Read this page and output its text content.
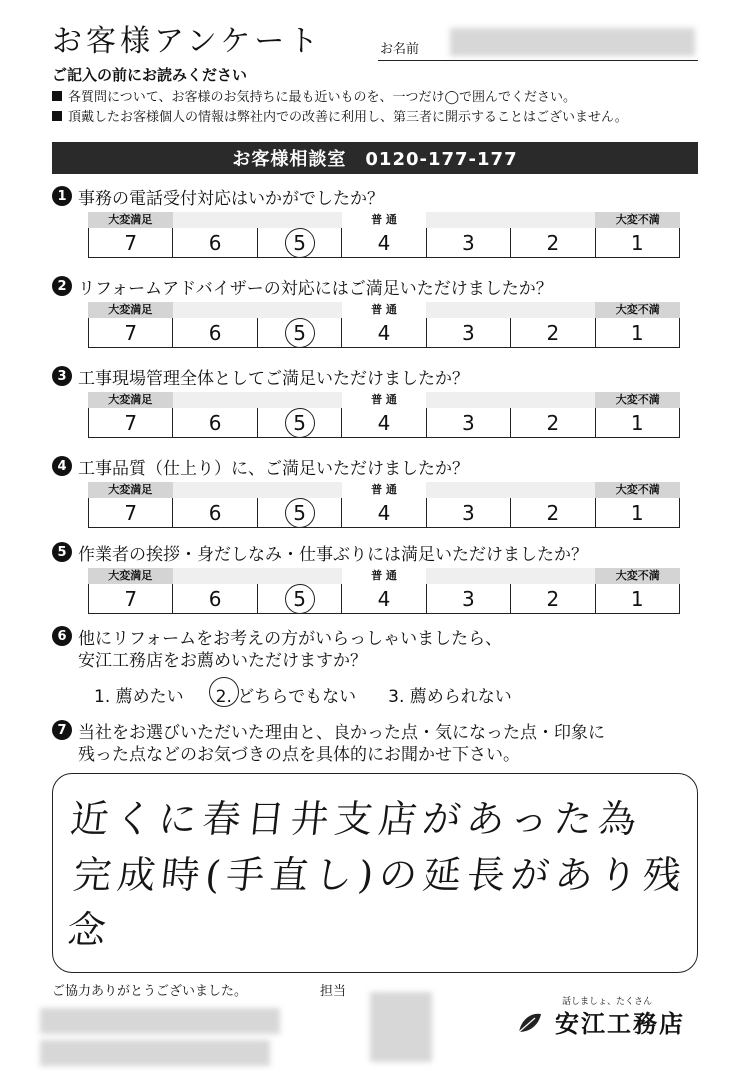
お客様アンケート	お名前
ご記入の前にお読みください
各質問について、お客様のお気持ちに最も近いものを、一つだけ◯で囲んでください。
頂戴したお客様個人の情報は弊社内での改善に利用し、第三者に開示することはございません。
お客様相談室　0120-177-177
1 事務の電話受付対応はいかがでしたか？
大変満足	普 通	大変不満
7	6	5	4	3	2	1
2 リフォームアドバイザーの対応にはご満足いただけましたか？
大変満足	普 通	大変不満
7	6	5	4	3	2	1
3 工事現場管理全体としてご満足いただけましたか？
大変満足	普 通	大変不満
7	6	5	4	3	2	1
4 工事品質（仕上り）に、ご満足いただけましたか？
大変満足	普 通	大変不満
7	6	5	4	3	2	1
5 作業者の挨拶・身だしなみ・仕事ぶりには満足いただけましたか？
大変満足	普 通	大変不満
7	6	5	4	3	2	1
6 他にリフォームをお考えの方がいらっしゃいましたら、
安江工務店をお薦めいただけますか？
1. 薦めたい 2. どちらでもない 3. 薦められない
7 当社をお選びいただいた理由と、良かった点・気になった点・印象に
残った点などのお気づきの点を具体的にお聞かせ下さい。
近くに春日井支店があった為
完成時(手直し)の延長があり残念
ご協力ありがとうございました。	担当
話しましょ、たくさん
安江工務店
